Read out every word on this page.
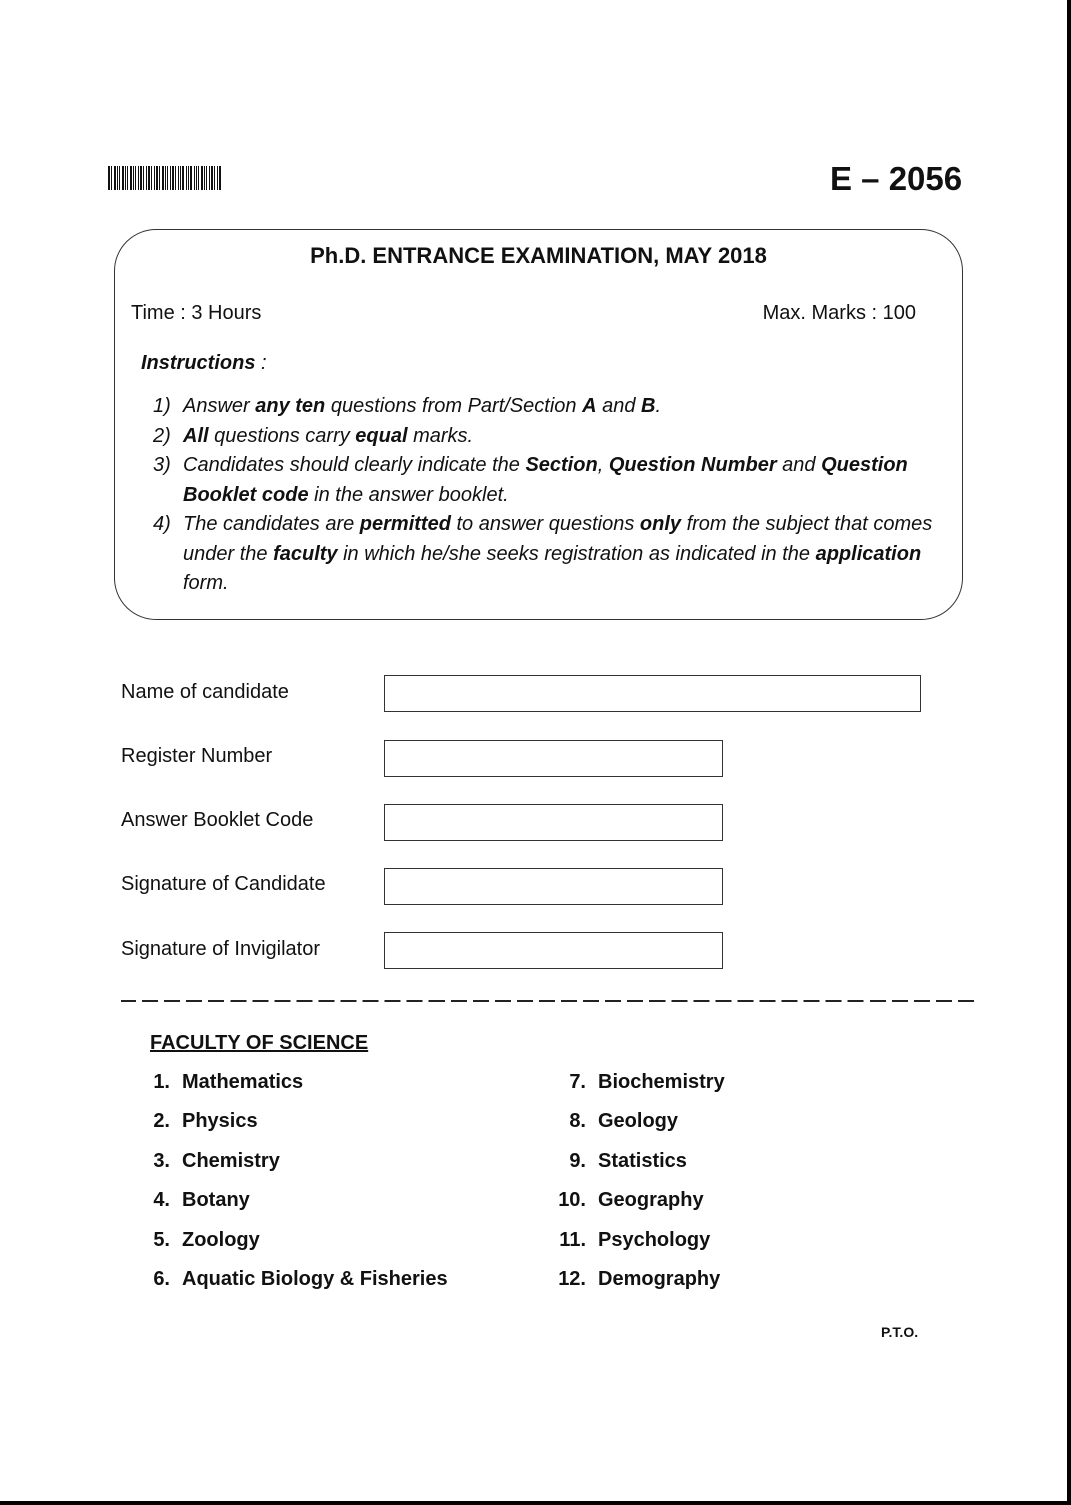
E – 2056
Ph.D. ENTRANCE EXAMINATION, MAY 2018
Time : 3 Hours	Max. Marks : 100
Instructions :
1) Answer any ten questions from Part/Section A and B.
2) All questions carry equal marks.
3) Candidates should clearly indicate the Section, Question Number and Question Booklet code in the answer booklet.
4) The candidates are permitted to answer questions only from the subject that comes under the faculty in which he/she seeks registration as indicated in the application form.
Name of candidate
Register Number
Answer Booklet Code
Signature of Candidate
Signature of Invigilator
FACULTY OF SCIENCE
1. Mathematics
2. Physics
3. Chemistry
4. Botany
5. Zoology
6. Aquatic Biology & Fisheries
7. Biochemistry
8. Geology
9. Statistics
10. Geography
11. Psychology
12. Demography
P.T.O.
